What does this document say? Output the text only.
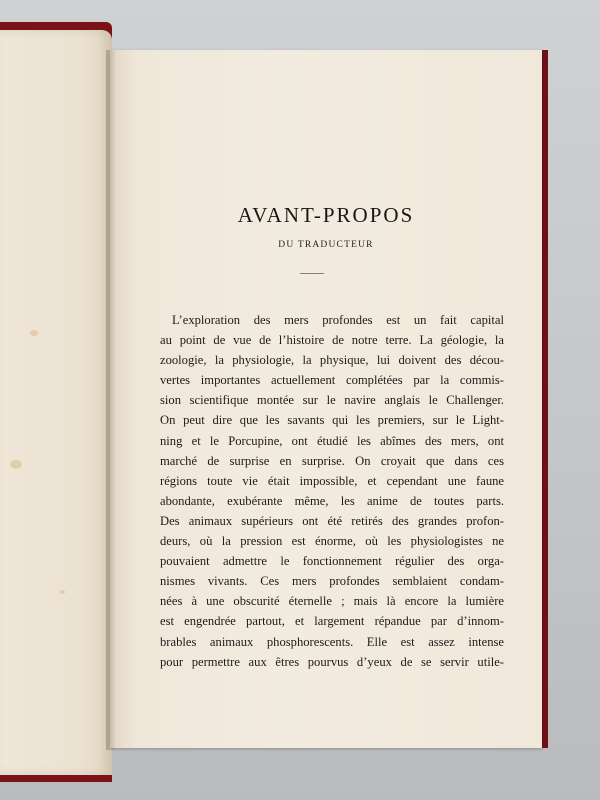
AVANT-PROPOS
DU TRADUCTEUR
L’exploration des mers profondes est un fait capital
au point de vue de l’histoire de notre terre. La géologie, la
zoologie, la physiologie, la physique, lui doivent des décou-
vertes importantes actuellement complétées par la commis-
sion scientifique montée sur le navire anglais le Challenger.
On peut dire que les savants qui les premiers, sur le Light-
ning et le Porcupine, ont étudié les abîmes des mers, ont
marché de surprise en surprise. On croyait que dans ces
régions toute vie était impossible, et cependant une faune
abondante, exubérante même, les anime de toutes parts.
Des animaux supérieurs ont été retirés des grandes profon-
deurs, où la pression est énorme, où les physiologistes ne
pouvaient admettre le fonctionnement régulier des orga-
nismes vivants. Ces mers profondes semblaient condam-
nées à une obscurité éternelle ; mais là encore la lumière
est engendrée partout, et largement répandue par d’innom-
brables animaux phosphorescents. Elle est assez intense
pour permettre aux êtres pourvus d’yeux de se servir utile-
